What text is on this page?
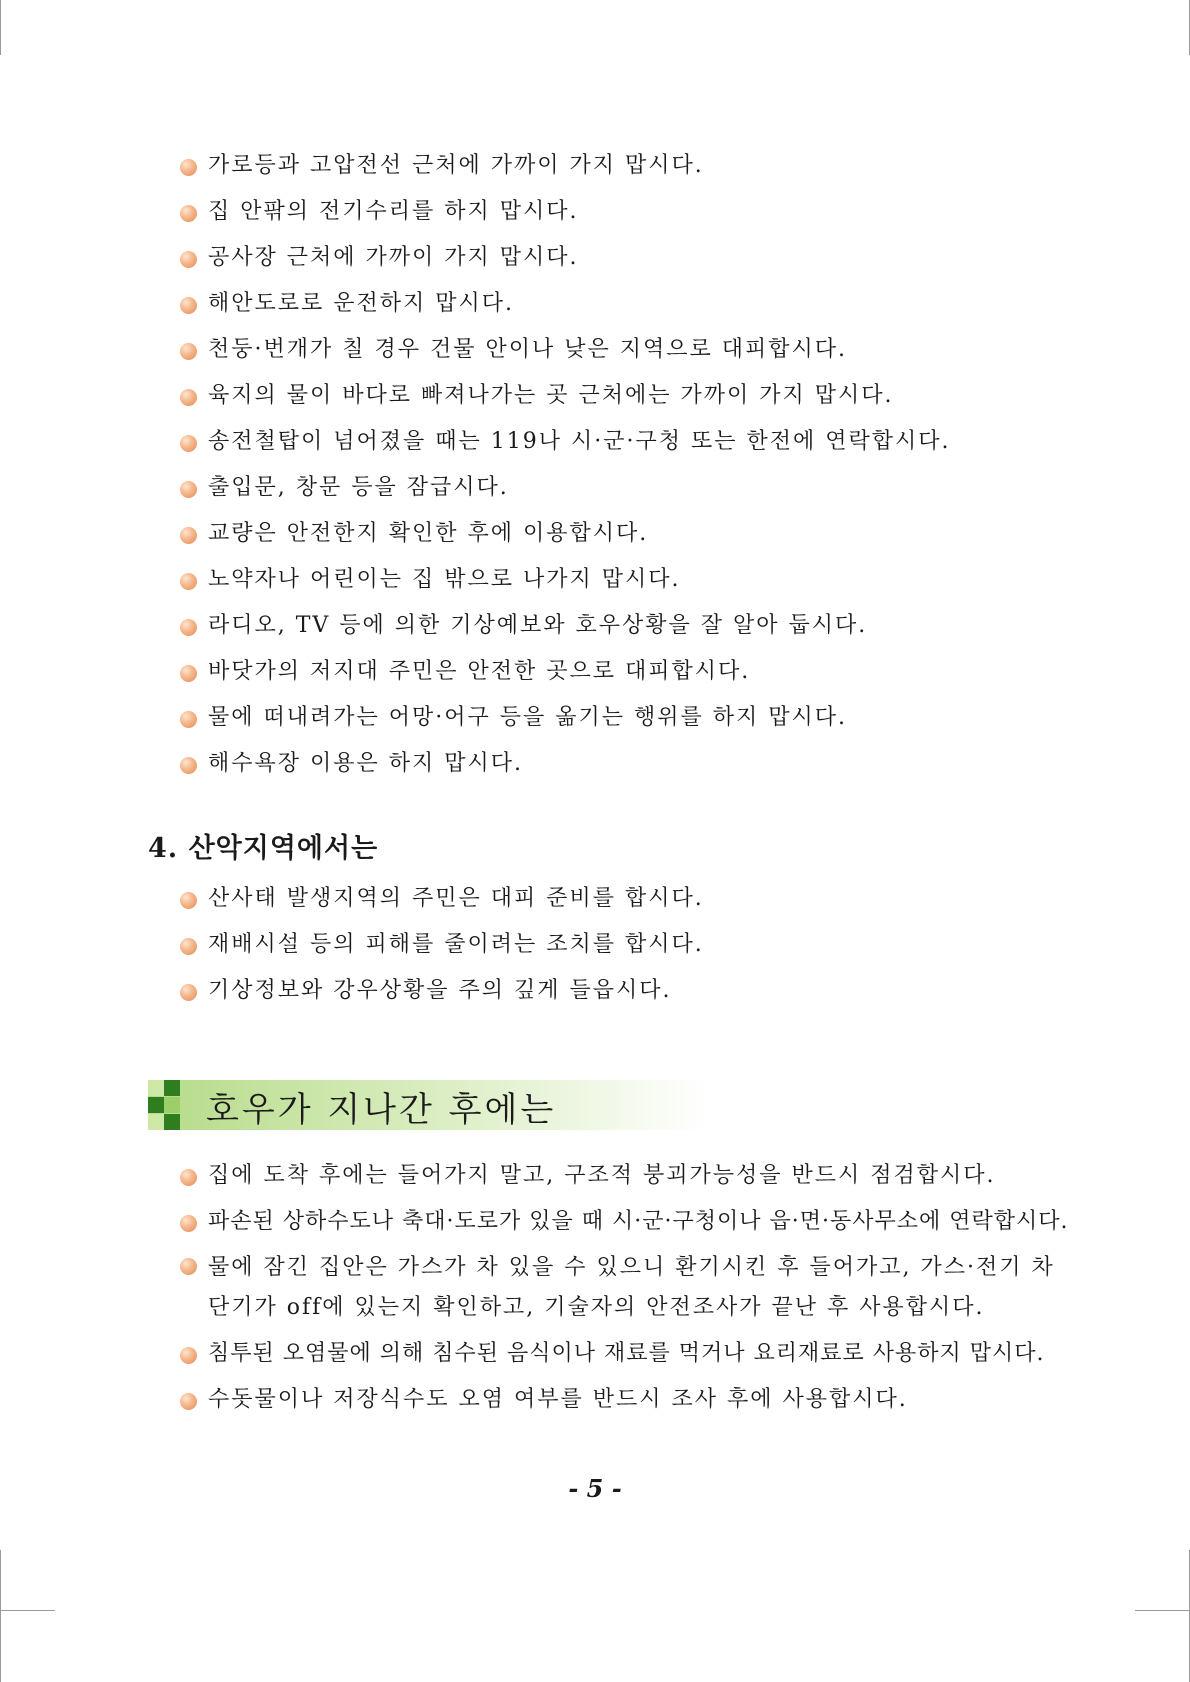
가로등과 고압전선 근처에 가까이 가지 맙시다.
집 안팎의 전기수리를 하지 맙시다.
공사장 근처에 가까이 가지 맙시다.
해안도로로 운전하지 맙시다.
천둥·번개가 칠 경우 건물 안이나 낮은 지역으로 대피합시다.
육지의 물이 바다로 빠져나가는 곳 근처에는 가까이 가지 맙시다.
송전철탑이 넘어졌을 때는 119나 시·군·구청 또는 한전에 연락합시다.
출입문, 창문 등을 잠급시다.
교량은 안전한지 확인한 후에 이용합시다.
노약자나 어린이는 집 밖으로 나가지 맙시다.
라디오, TV 등에 의한 기상예보와 호우상황을 잘 알아 둡시다.
바닷가의 저지대 주민은 안전한 곳으로 대피합시다.
물에 떠내려가는 어망·어구 등을 옮기는 행위를 하지 맙시다.
해수욕장 이용은 하지 맙시다.
4. 산악지역에서는
산사태 발생지역의 주민은 대피 준비를 합시다.
재배시설 등의 피해를 줄이려는 조치를 합시다.
기상정보와 강우상황을 주의 깊게 들읍시다.
호우가 지나간 후에는
집에 도착 후에는 들어가지 말고, 구조적 붕괴가능성을 반드시 점검합시다.
파손된 상하수도나 축대·도로가 있을 때 시·군·구청이나 읍·면·동사무소에 연락합시다.
물에 잠긴 집안은 가스가 차 있을 수 있으니 환기시킨 후 들어가고, 가스·전기 차단기가 off에 있는지 확인하고, 기술자의 안전조사가 끝난 후 사용합시다.
침투된 오염물에 의해 침수된 음식이나 재료를 먹거나 요리재료로 사용하지 맙시다.
수돗물이나 저장식수도 오염 여부를 반드시 조사 후에 사용합시다.
- 5 -
